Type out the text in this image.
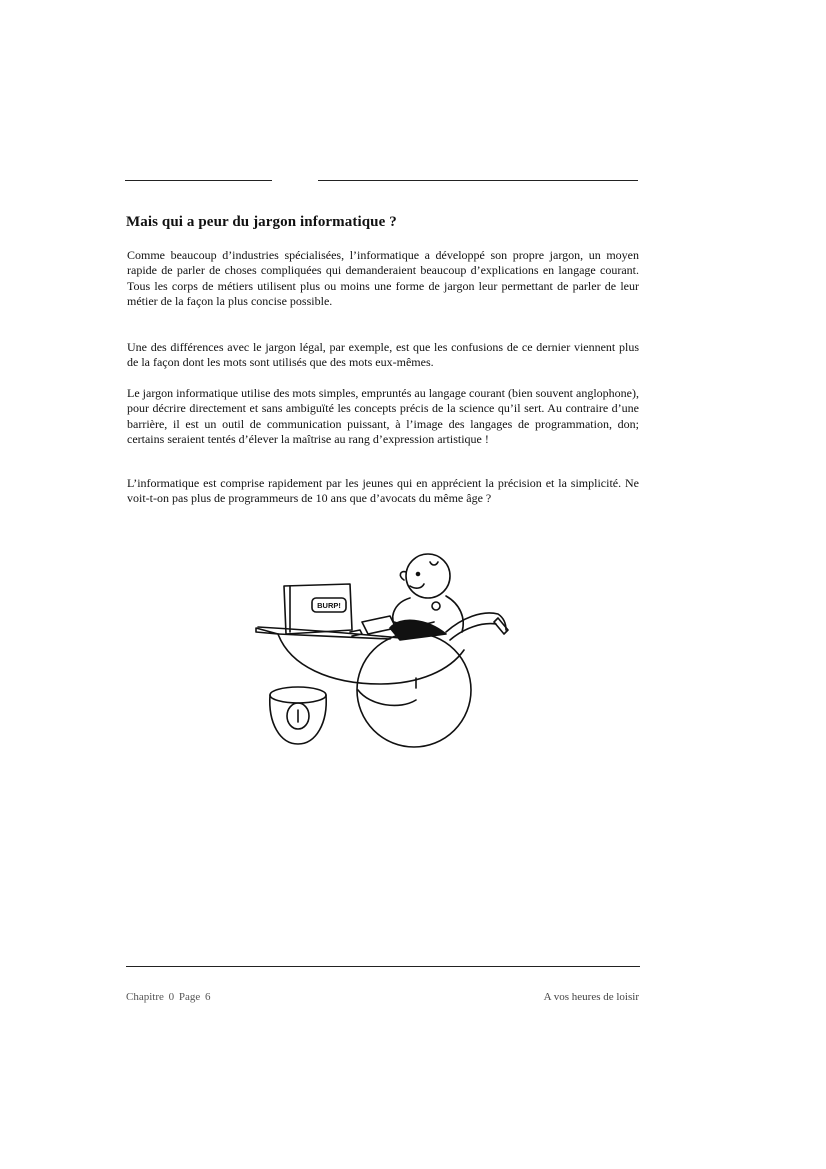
Mais qui a peur du jargon informatique ?

Comme beaucoup d’industries spécialisées, l’informatique a développé son propre jargon, un moyen rapide de parler de choses compliquées qui demanderaient beaucoup d’explications en langage courant. Tous les corps de métiers utilisent plus ou moins une forme de jargon leur permettant de parler de leur métier de la façon la plus concise possible.

Une des différences avec le jargon légal, par exemple, est que les confusions de ce dernier viennent plus de la façon dont les mots sont utilisés que des mots eux-mêmes.

Le jargon informatique utilise des mots simples, empruntés au langage courant (bien souvent anglophone), pour décrire directement et sans ambiguïté les concepts précis de la science qu’il sert. Au contraire d’une barrière, il est un outil de communication puissant, à l’image des langages de programmation, don; certains seraient tentés d’élever la maîtrise au rang d’expression artistique !

L’informatique est comprise rapidement par les jeunes qui en apprécient la précision et la simplicité. Ne voit-t-on pas plus de programmeurs de 10 ans que d’avocats du même âge ?

BURP!
Chapitre 0 Page 6	A vos heures de loisir
